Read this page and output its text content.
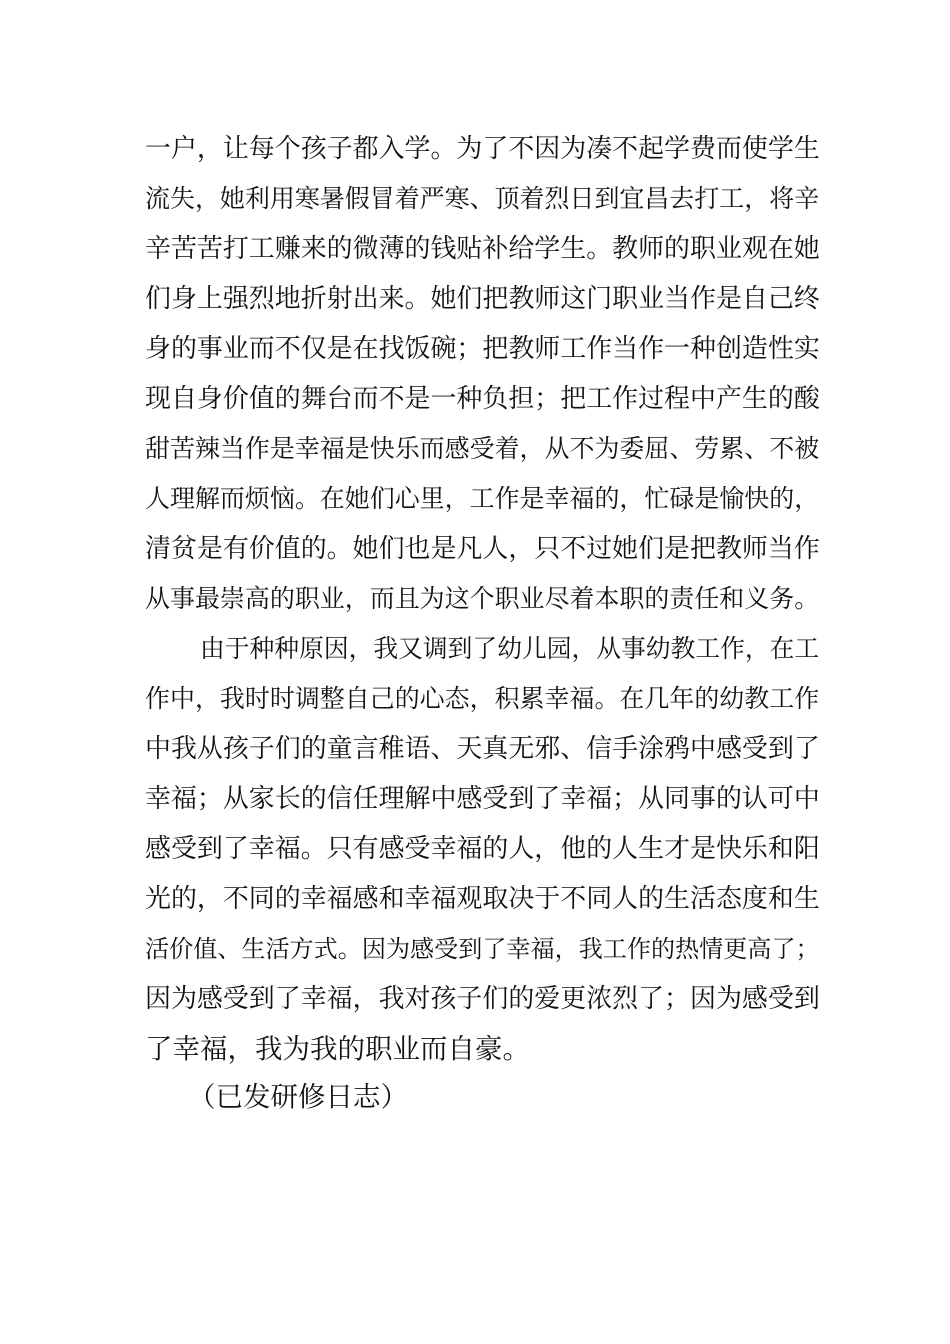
一户，让每个孩子都入学。为了不因为凑不起学费而使学生

流失，她利用寒暑假冒着严寒、顶着烈日到宜昌去打工，将辛

辛苦苦打工赚来的微薄的钱贴补给学生。教师的职业观在她

们身上强烈地折射出来。她们把教师这门职业当作是自己终

身的事业而不仅是在找饭碗；把教师工作当作一种创造性实

现自身价值的舞台而不是一种负担；把工作过程中产生的酸

甜苦辣当作是幸福是快乐而感受着，从不为委屈、劳累、不被

人理解而烦恼。在她们心里，工作是幸福的，忙碌是愉快的，

清贫是有价值的。她们也是凡人，只不过她们是把教师当作

从事最崇高的职业，而且为这个职业尽着本职的责任和义务。

由于种种原因，我又调到了幼儿园，从事幼教工作，在工

作中，我时时调整自己的心态，积累幸福。在几年的幼教工作

中我从孩子们的童言稚语、天真无邪、信手涂鸦中感受到了

幸福；从家长的信任理解中感受到了幸福；从同事的认可中

感受到了幸福。只有感受幸福的人，他的人生才是快乐和阳

光的，不同的幸福感和幸福观取决于不同人的生活态度和生

活价值、生活方式。因为感受到了幸福，我工作的热情更高了；

因为感受到了幸福，我对孩子们的爱更浓烈了；因为感受到

了幸福，我为我的职业而自豪。

（已发研修日志）
